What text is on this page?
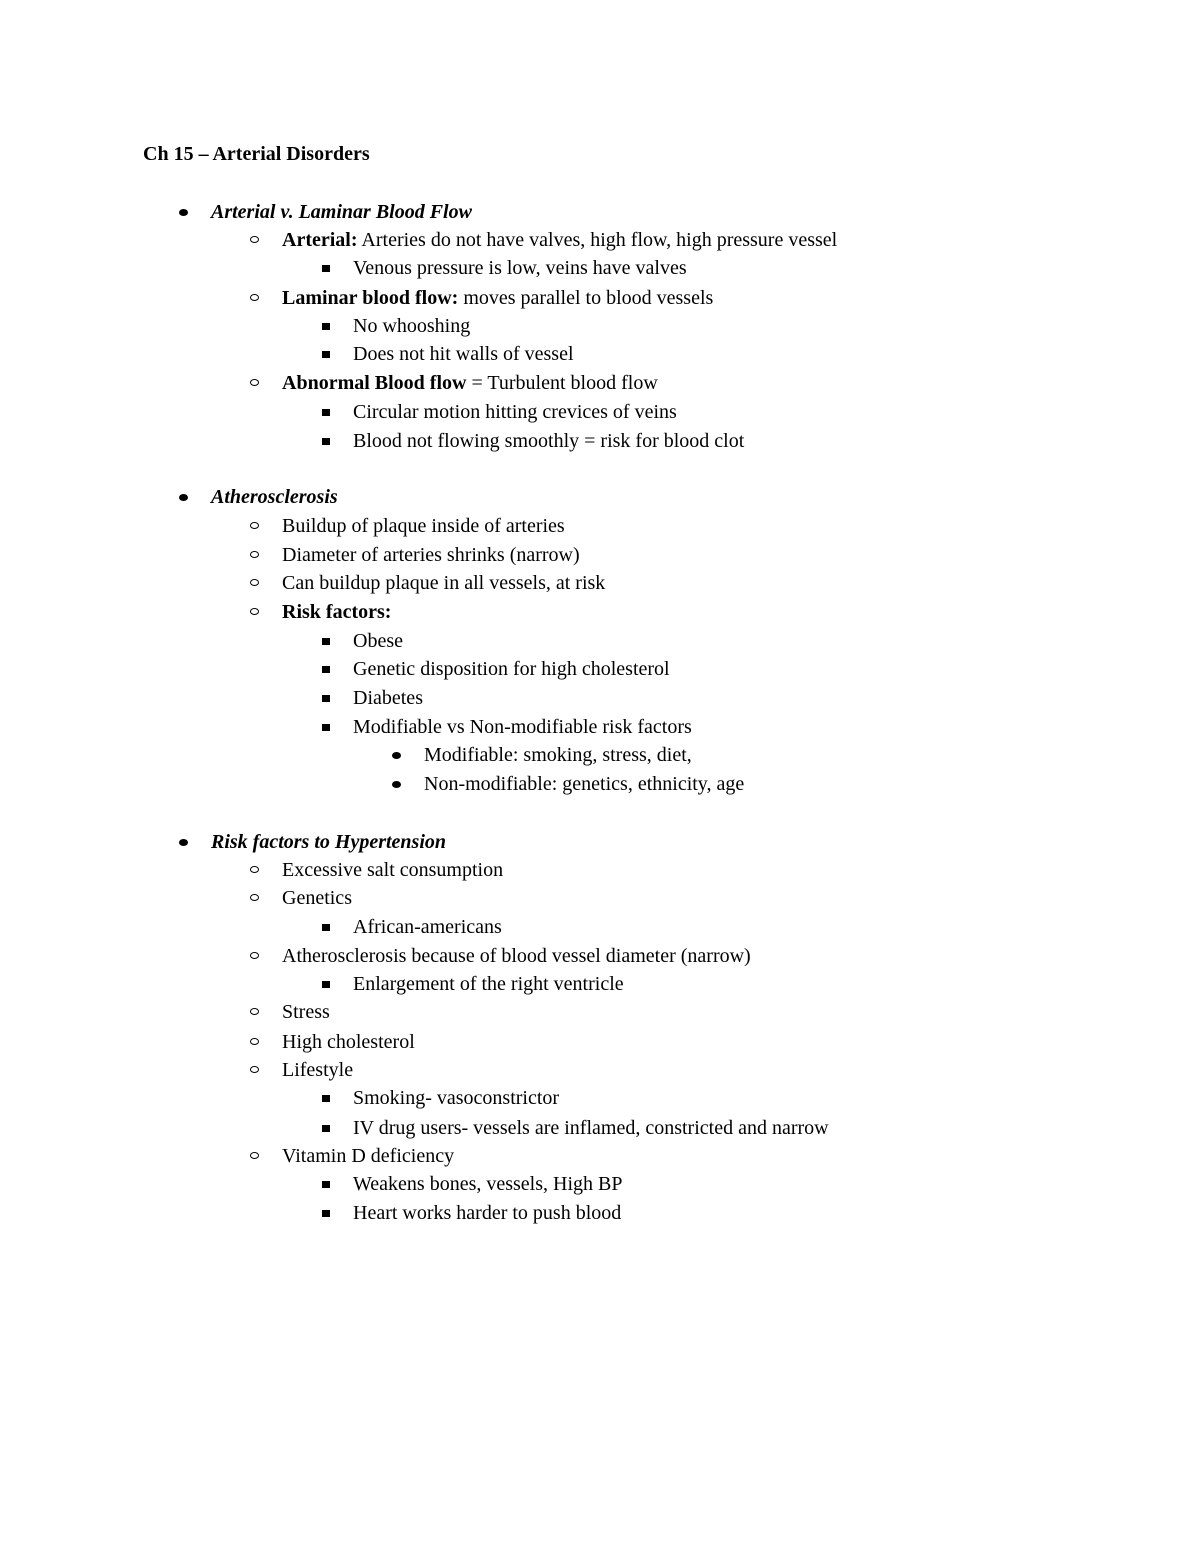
Ch 15 – Arterial Disorders
Arterial v. Laminar Blood Flow
Arterial: Arteries do not have valves, high flow, high pressure vessel
Venous pressure is low, veins have valves
Laminar blood flow: moves parallel to blood vessels
No whooshing
Does not hit walls of vessel
Abnormal Blood flow = Turbulent blood flow
Circular motion hitting crevices of veins
Blood not flowing smoothly = risk for blood clot
Atherosclerosis
Buildup of plaque inside of arteries
Diameter of arteries shrinks (narrow)
Can buildup plaque in all vessels, at risk
Risk factors:
Obese
Genetic disposition for high cholesterol
Diabetes
Modifiable vs Non-modifiable risk factors
Modifiable: smoking, stress, diet,
Non-modifiable: genetics, ethnicity, age
Risk factors to Hypertension
Excessive salt consumption
Genetics
African-americans
Atherosclerosis because of blood vessel diameter (narrow)
Enlargement of the right ventricle
Stress
High cholesterol
Lifestyle
Smoking- vasoconstrictor
IV drug users- vessels are inflamed, constricted and narrow
Vitamin D deficiency
Weakens bones, vessels, High BP
Heart works harder to push blood
